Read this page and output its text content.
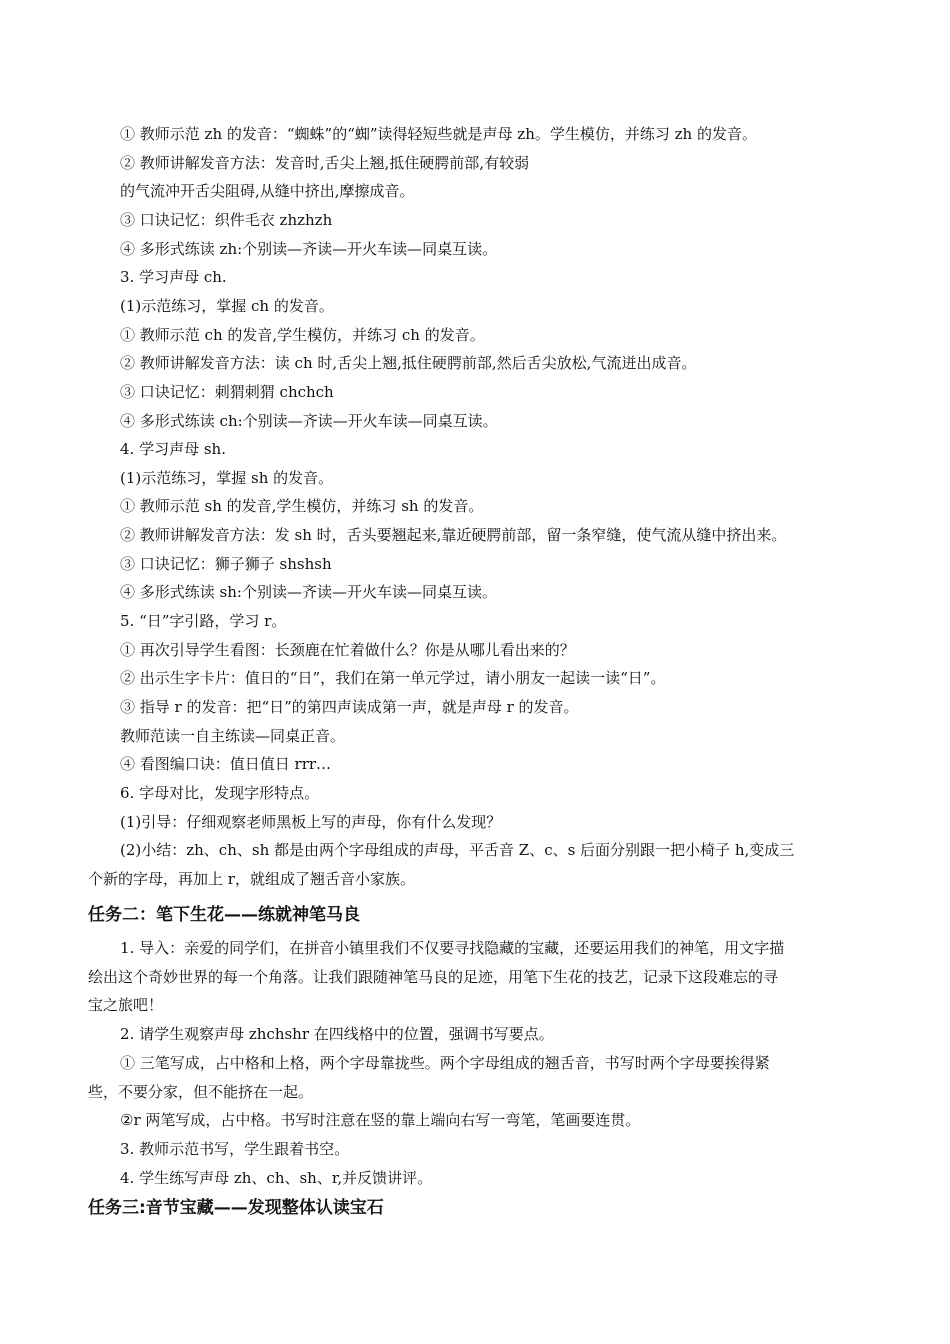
① 教师示范 zh 的发音：“蜘蛛”的“蜘”读得轻短些就是声母 zh。学生模仿，并练习 zh 的发音。
② 教师讲解发音方法：发音时,舌尖上翘,抵住硬腭前部,有较弱
的气流冲开舌尖阻碍,从缝中挤出,摩擦成音。
③ 口诀记忆：织件毛衣 zhzhzh
④ 多形式练读 zh:个别读—齐读—开火车读—同桌互读。
3. 学习声母 ch.
(1)示范练习，掌握 ch 的发音。
① 教师示范 ch 的发音,学生模仿，并练习 ch 的发音。
② 教师讲解发音方法：读 ch 时,舌尖上翘,抵住硬腭前部,然后舌尖放松,气流迸出成音。
③ 口诀记忆：刺猬刺猬 chchch
④ 多形式练读 ch:个别读—齐读—开火车读—同桌互读。
4. 学习声母 sh.
(1)示范练习，掌握 sh 的发音。
① 教师示范 sh 的发音,学生模仿，并练习 sh 的发音。
② 教师讲解发音方法：发 sh 时，舌头要翘起来,靠近硬腭前部，留一条窄缝，使气流从缝中挤出来。
③ 口诀记忆：狮子狮子 shshsh
④ 多形式练读 sh:个别读—齐读—开火车读—同桌互读。
5. “日”字引路，学习 r。
① 再次引导学生看图：长颈鹿在忙着做什么？你是从哪儿看出来的？
② 出示生字卡片：值日的“日”，我们在第一单元学过，请小朋友一起读一读“日”。
③ 指导 r 的发音：把“日”的第四声读成第一声，就是声母 r 的发音。
教师范读一自主练读—同桌正音。
④ 看图编口诀：值日值日 rrr…
6. 字母对比，发现字形特点。
(1)引导：仔细观察老师黑板上写的声母，你有什么发现？
(2)小结：zh、ch、sh 都是由两个字母组成的声母，平舌音 Z、c、s 后面分别跟一把小椅子 h,变成三
个新的字母，再加上 r，就组成了翘舌音小家族。
任务二：笔下生花——练就神笔马良
1. 导入：亲爱的同学们，在拼音小镇里我们不仅要寻找隐藏的宝藏，还要运用我们的神笔，用文字描
绘出这个奇妙世界的每一个角落。让我们跟随神笔马良的足迹，用笔下生花的技艺，记录下这段难忘的寻
宝之旅吧！
2. 请学生观察声母 zhchshr 在四线格中的位置，强调书写要点。
① 三笔写成，占中格和上格，两个字母靠拢些。两个字母组成的翘舌音，书写时两个字母要挨得紧
些，不要分家，但不能挤在一起。
②r 两笔写成，占中格。书写时注意在竖的靠上端向右写一弯笔，笔画要连贯。
3. 教师示范书写，学生跟着书空。
4. 学生练写声母 zh、ch、sh、r,并反馈讲评。
任务三:音节宝藏——发现整体认读宝石
